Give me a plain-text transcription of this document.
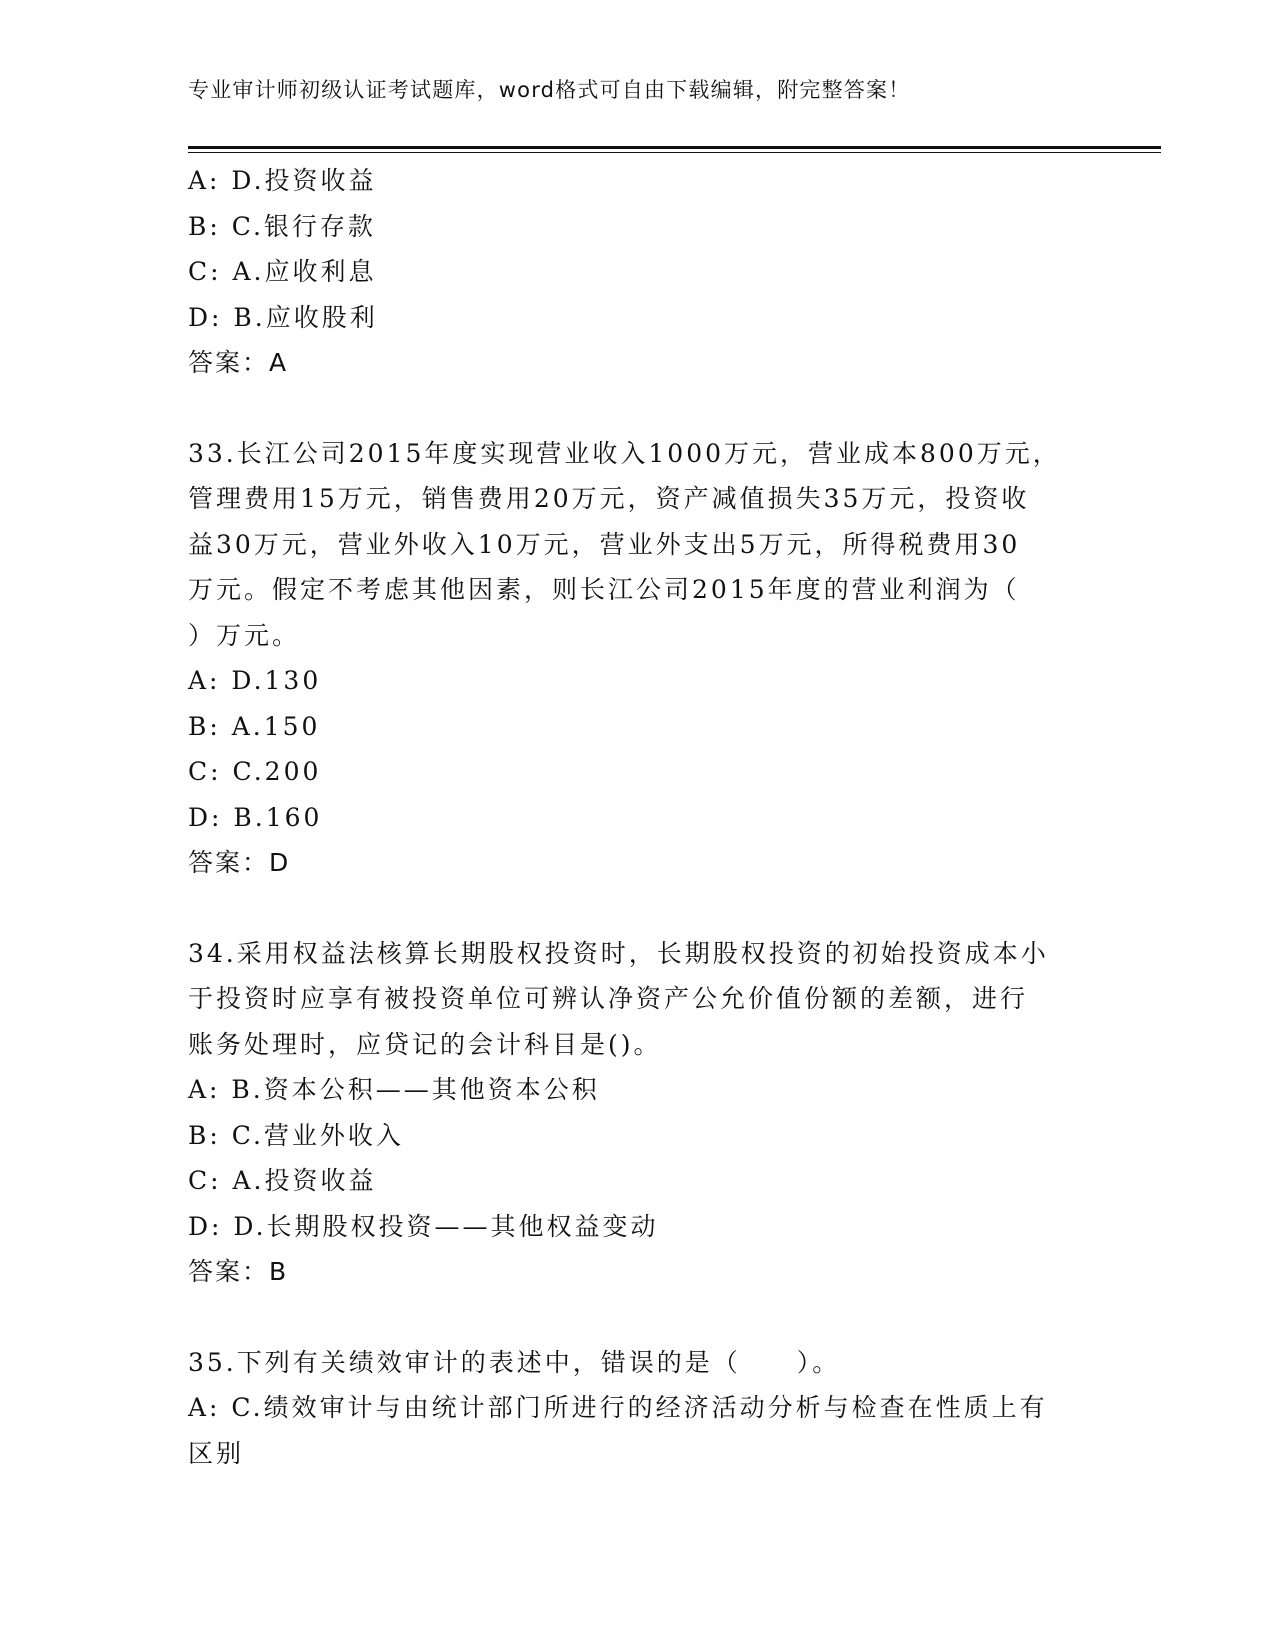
专业审计师初级认证考试题库，word格式可自由下载编辑，附完整答案！
A: D.投资收益
B: C.银行存款
C: A.应收利息
D: B.应收股利
答案：A
33.长江公司2015年度实现营业收入1000万元，营业成本800万元，
管理费用15万元，销售费用20万元，资产减值损失35万元，投资收
益30万元，营业外收入10万元，营业外支出5万元，所得税费用30
万元。假定不考虑其他因素，则长江公司2015年度的营业利润为（
）万元。
A: D.130
B: A.150
C: C.200
D: B.160
答案：D
34.采用权益法核算长期股权投资时，长期股权投资的初始投资成本小
于投资时应享有被投资单位可辨认净资产公允价值份额的差额，进行
账务处理时，应贷记的会计科目是()。
A: B.资本公积——其他资本公积
B: C.营业外收入
C: A.投资收益
D: D.长期股权投资——其他权益变动
答案：B
35.下列有关绩效审计的表述中，错误的是（　　）。
A: C.绩效审计与由统计部门所进行的经济活动分析与检查在性质上有
区别
